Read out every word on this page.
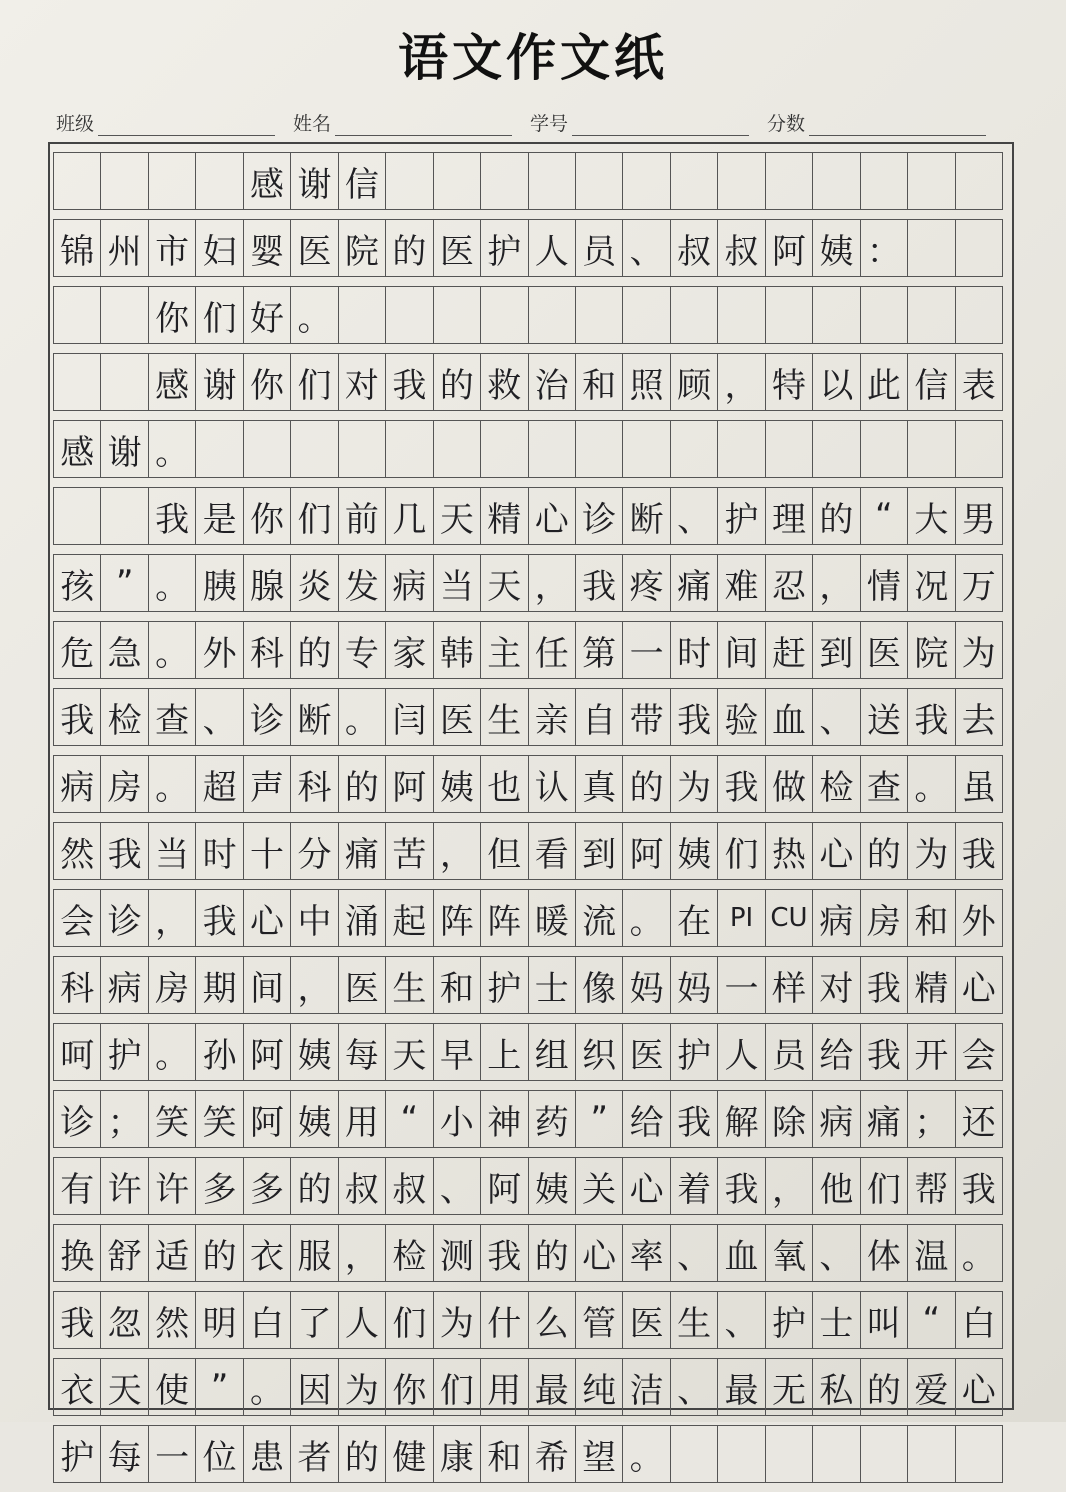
语文作文纸
班级	姓名	学号	分数
感 谢 信
锦 州 市 妇 婴 医 院 的 医 护 人 员 、 叔 叔 阿 姨 ：
你 们 好 。
感 谢 你 们 对 我 的 救 治 和 照 顾 ， 特 以 此 信 表
感 谢 。
我 是 你 们 前 几 天 精 心 诊 断 、 护 理 的 “ 大 男
孩 ” 。 胰 腺 炎 发 病 当 天 ， 我 疼 痛 难 忍 ， 情 况 万
危 急 。 外 科 的 专 家 韩 主 任 第 一 时 间 赶 到 医 院 为
我 检 查 、 诊 断 。 闫 医 生 亲 自 带 我 验 血 、 送 我 去
病 房 。 超 声 科 的 阿 姨 也 认 真 的 为 我 做 检 查 。 虽
然 我 当 时 十 分 痛 苦 ， 但 看 到 阿 姨 们 热 心 的 为 我
会 诊 ， 我 心 中 涌 起 阵 阵 暖 流 。 在 PI CU 病 房 和 外
科 病 房 期 间 ， 医 生 和 护 士 像 妈 妈 一 样 对 我 精 心
呵 护 。 孙 阿 姨 每 天 早 上 组 织 医 护 人 员 给 我 开 会
诊 ； 笑 笑 阿 姨 用 “ 小 神 药 ” 给 我 解 除 病 痛 ； 还
有 许 许 多 多 的 叔 叔 、 阿 姨 关 心 着 我 ， 他 们 帮 我
换 舒 适 的 衣 服 ， 检 测 我 的 心 率 、 血 氧 、 体 温 。
我 忽 然 明 白 了 人 们 为 什 么 管 医 生 、 护 士 叫 “ 白
衣 天 使 ” 。 因 为 你 们 用 最 纯 洁 、 最 无 私 的 爱 心
护 每 一 位 患 者 的 健 康 和 希 望 。
